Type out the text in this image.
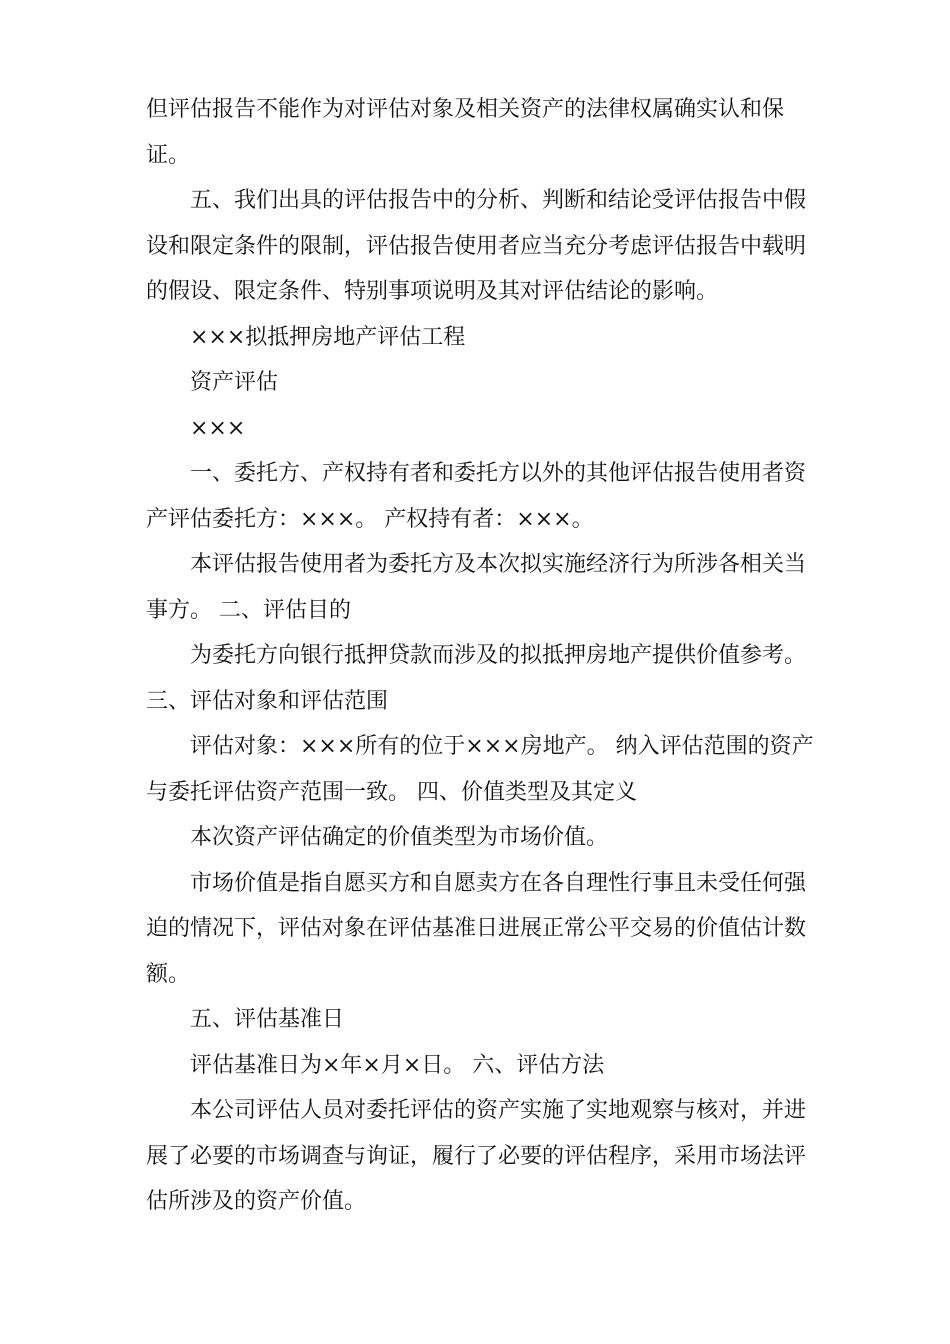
但评估报告不能作为对评估对象及相关资产的法律权属确实认和保证。

五、我们出具的评估报告中的分析、判断和结论受评估报告中假设和限定条件的限制，评估报告使用者应当充分考虑评估报告中载明的假设、限定条件、特别事项说明及其对评估结论的影响。

×××拟抵押房地产评估工程

资产评估

×××

一、委托方、产权持有者和委托方以外的其他评估报告使用者资产评估委托方：×××。 产权持有者：×××。

本评估报告使用者为委托方及本次拟实施经济行为所涉各相关当事方。 二、评估目的

为委托方向银行抵押贷款而涉及的拟抵押房地产提供价值参考。 三、评估对象和评估范围

评估对象：×××所有的位于×××房地产。 纳入评估范围的资产与委托评估资产范围一致。 四、价值类型及其定义

本次资产评估确定的价值类型为市场价值。

市场价值是指自愿买方和自愿卖方在各自理性行事且未受任何强迫的情况下，评估对象在评估基准日进展正常公平交易的价值估计数额。

五、评估基准日

评估基准日为×年×月×日。 六、评估方法

本公司评估人员对委托评估的资产实施了实地观察与核对，并进展了必要的市场调查与询证，履行了必要的评估程序，采用市场法评估所涉及的资产价值。
